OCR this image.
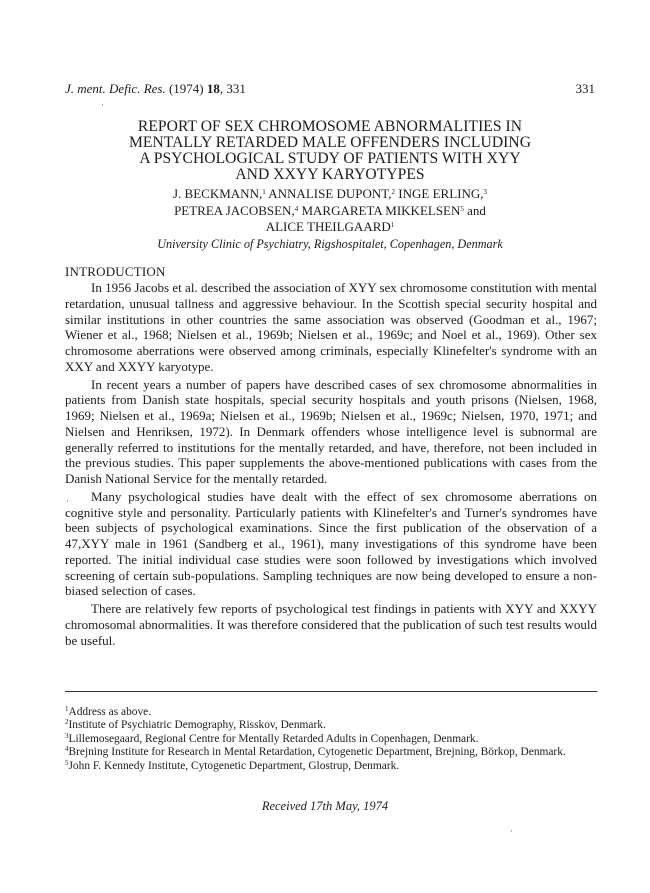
J. ment. Defic. Res. (1974) 18, 331	331
REPORT OF SEX CHROMOSOME ABNORMALITIES IN
MENTALLY RETARDED MALE OFFENDERS INCLUDING
A PSYCHOLOGICAL STUDY OF PATIENTS WITH XYY
AND XXYY KARYOTYPES
J. BECKMANN,$^1$ ANNALISE DUPONT,$^2$ INGE ERLING,$^3$
PETREA JACOBSEN,$^4$ MARGARETA MIKKELSEN$^5$ and
ALICE THEILGAARD$^1$
University Clinic of Psychiatry, Rigshospitalet, Copenhagen, Denmark
INTRODUCTION

In 1956 Jacobs et al. described the association of XYY sex chromosome constitution with mental retardation, unusual tallness and aggressive behaviour. In the Scottish special security hospital and similar institutions in other countries the same association was observed (Goodman et al., 1967; Wiener et al., 1968; Nielsen et al., 1969b; Nielsen et al., 1969c; and Noel et al., 1969). Other sex chromosome aberrations were observed among criminals, especially Klinefelter's syndrome with an XXY and XXYY karyotype.

In recent years a number of papers have described cases of sex chromosome abnormalities in patients from Danish state hospitals, special security hospitals and youth prisons (Nielsen, 1968, 1969; Nielsen et al., 1969a; Nielsen et al., 1969b; Nielsen et al., 1969c; Nielsen, 1970, 1971; and Nielsen and Henriksen, 1972). In Denmark offenders whose intelligence level is subnormal are generally referred to institutions for the mentally retarded, and have, therefore, not been included in the previous studies. This paper supplements the above-mentioned publications with cases from the Danish National Service for the mentally retarded.

Many psychological studies have dealt with the effect of sex chromosome aberrations on cognitive style and personality. Particularly patients with Klinefelter's and Turner's syndromes have been subjects of psychological examinations. Since the first publication of the observation of a 47,XYY male in 1961 (Sandberg et al., 1961), many investigations of this syndrome have been reported. The initial individual case studies were soon followed by investigations which involved screening of certain sub-populations. Sampling techniques are now being developed to ensure a non-biased selection of cases.

There are relatively few reports of psychological test findings in patients with XYY and XXYY chromosomal abnormalities. It was therefore considered that the publication of such test results would be useful.

$^1$Address as above.
$^2$Institute of Psychiatric Demography, Risskov, Denmark.
$^3$Lillemosegaard, Regional Centre for Mentally Retarded Adults in Copenhagen, Denmark.
$^4$Brejning Institute for Research in Mental Retardation, Cytogenetic Department, Brejning, Börkop, Denmark.
$^5$John F. Kennedy Institute, Cytogenetic Department, Glostrup, Denmark.
Received 17th May, 1974
·
·
·
